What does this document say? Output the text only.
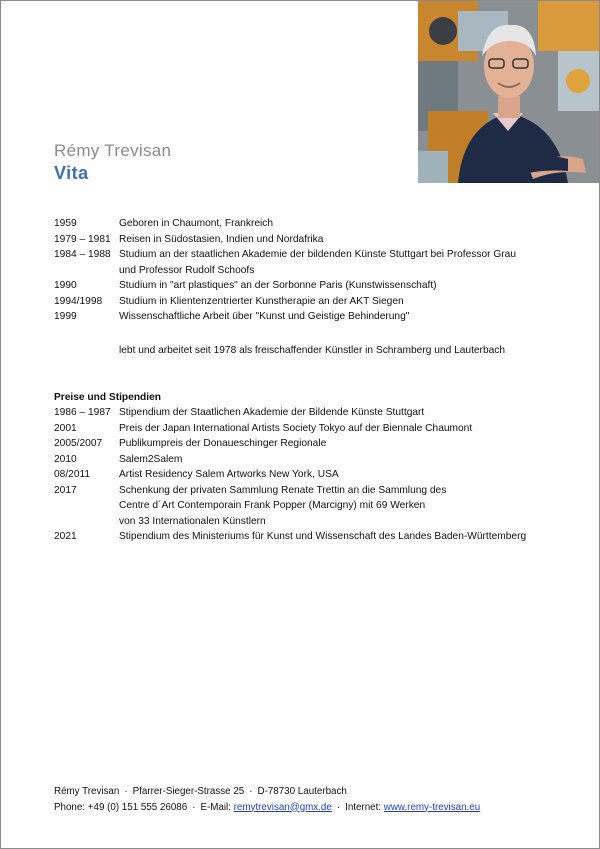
Rémy Trevisan
Vita
1959	Geboren in Chaumont, Frankreich
1979 – 1981 Reisen in Südostasien, Indien und Nordafrika
1984 – 1988 Studium an der staatlichen Akademie der bildenden Künste Stuttgart bei Professor Grau
und Professor Rudolf Schoofs
1990	Studium in "art plastiques" an der Sorbonne Paris (Kunstwissenschaft)
1994/1998	Studium in Klientenzentrierter Kunstherapie an der AKT Siegen
1999	Wissenschaftliche Arbeit über "Kunst und Geistige Behinderung"
lebt und arbeitet seit 1978 als freischaffender Künstler in Schramberg und Lauterbach
Preise und Stipendien
1986 – 1987 Stipendium der Staatlichen Akademie der Bildende Künste Stuttgart
2001	Preis der Japan International Artists Society Tokyo auf der Biennale Chaumont
2005/2007	Publikumpreis der Donaueschinger Regionale
2010	Salem2Salem
08/2011	Artist Residency Salem Artworks New York, USA
2017	Schenkung der privaten Sammlung Renate Trettin an die Sammlung des
Centre d´Art Contemporain Frank Popper (Marcigny) mit 69 Werken
von 33 Internationalen Künstlern
2021	Stipendium des Ministeriums für Kunst und Wissenschaft des Landes Baden-Württemberg
Rémy Trevisan · Pfarrer-Sieger-Strasse 25 · D-78730 Lauterbach
Phone: +49 (0) 151 555 26086 · E-Mail: remytrevisan@gmx.de · Internet: www.remy-trevisan.eu
